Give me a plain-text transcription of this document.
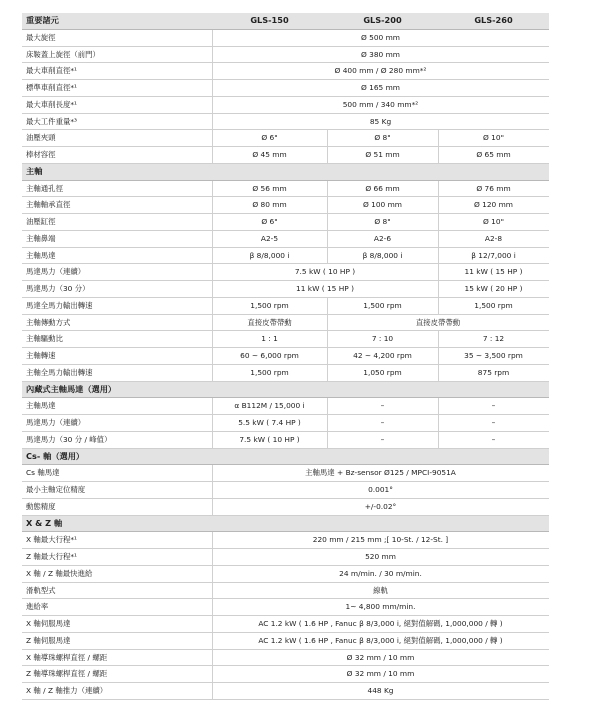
重要諸元	GLS-150	GLS-200	GLS-260
最大旋徑	Ø 500 mm
床鞍蓋上旋徑（前門）	Ø 380 mm
最大車削直徑*¹	Ø 400 mm / Ø 280 mm*²
標準車削直徑*¹	Ø 165 mm
最大車削長度*¹	500 mm / 340 mm*²
最大工件重量*³	85 Kg
油壓夾頭	Ø 6"	Ø 8"	Ø 10"
棒材容徑	Ø 45 mm	Ø 51 mm	Ø 65 mm
主軸
主軸通孔徑	Ø 56 mm	Ø 66 mm	Ø 76 mm
主軸軸承直徑	Ø 80 mm	Ø 100 mm	Ø 120 mm
油壓缸徑	Ø 6"	Ø 8"	Ø 10"
主軸鼻端	A2-5	A2-6	A2-8
主軸馬達	β 8/8,000 i	β 8/8,000 i	β 12/7,000 i
馬達馬力（連續）	7.5 kW ( 10 HP )	11 kW ( 15 HP )
馬達馬力（30 分）	11 kW ( 15 HP )	15 kW ( 20 HP )
馬達全馬力輸出轉速	1,500 rpm	1,500 rpm	1,500 rpm
主軸傳動方式	直接皮帶帶動	直接皮帶帶動
主軸驅動比	1 : 1	7 : 10	7 : 12
主軸轉速	60 ~ 6,000 rpm	42 ~ 4,200 rpm	35 ~ 3,500 rpm
主軸全馬力輸出轉速	1,500 rpm	1,050 rpm	875 rpm
內藏式主軸馬達（選用）
主軸馬達	α B112M / 15,000 i	–	–
馬達馬力（連續）	5.5 kW ( 7.4 HP )	–	–
馬達馬力（30 分 / 峰值）	7.5 kW ( 10 HP )	–	–
Cs- 軸（選用）
Cs 軸馬達	主軸馬達 + Bz-sensor Ø125 / MPCI-9051A
最小主軸定位精度	0.001°
動態精度	+/-0.02°
X & Z 軸
X 軸最大行程*¹	220 mm / 215 mm ;[ 10-St. / 12-St. ]
Z 軸最大行程*¹	520 mm
X 軸 / Z 軸最快進給	24 m/min. / 30 m/min.
滑軌型式	線軌
進給率	1~ 4,800 mm/min.
X 軸伺服馬達	AC 1.2 kW ( 1.6 HP , Fanuc β 8/3,000 i, 絕對值解碼, 1,000,000 / 轉 )
Z 軸伺服馬達	AC 1.2 kW ( 1.6 HP , Fanuc β 8/3,000 i, 絕對值解碼, 1,000,000 / 轉 )
X 軸導珠螺桿直徑 / 螺距	Ø 32 mm / 10 mm
Z 軸導珠螺桿直徑 / 螺距	Ø 32 mm / 10 mm
X 軸 / Z 軸推力（連續）	448 Kg
